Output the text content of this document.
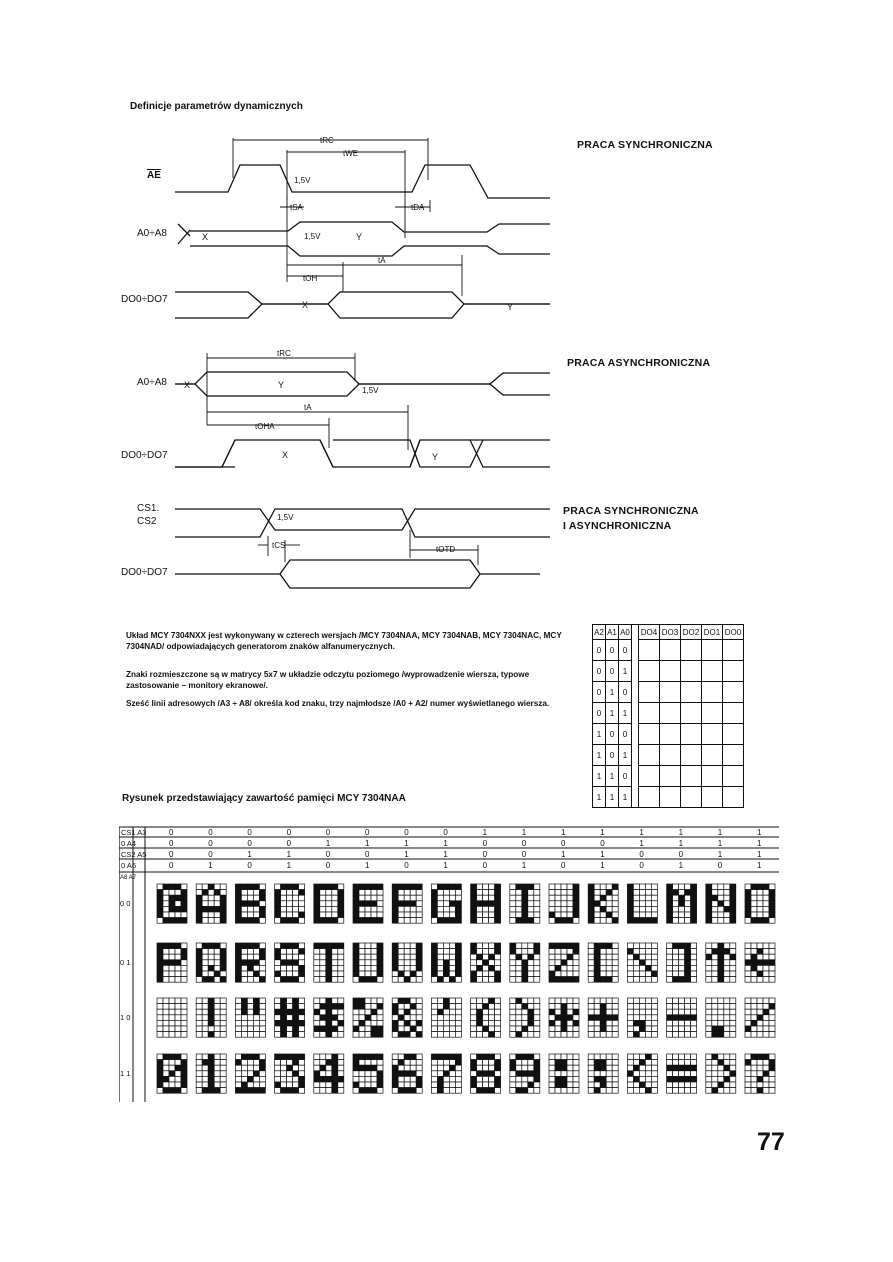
Definicje parametrów dynamicznych
PRACA SYNCHRONICZNA
PRACA ASYNCHRONICZNA
PRACA SYNCHRONICZNA
I ASYNCHRONICZNA
$\overline{AE}$
A0÷A8
DO0÷DO7
A0÷A8
DO0÷DO7
CS1.
CS2
DO0÷DO7
tRC
tWE
1,5V
tSA	tDA
1,5V
tA
tOH
tRC
1,5V
tA
tOHA
1,5V
tCS	tOTD
X	Y
X	Y
X	Y
X	Y
Układ MCY 7304NXX jest wykonywany w czterech wersjach /MCY 7304NAA, MCY 7304NAB, MCY 7304NAC, MCY 7304NAD/ odpowiadających generatorom znaków alfanumerycznych.
Znaki rozmieszczone są w matrycy 5x7 w układzie odczytu poziomego /wyprowadzenie wiersza, typowe zastosowanie – monitory ekranowe/.
Sześć linii adresowych /A3 ÷ A8/ określa kod znaku, trzy najmłodsze /A0 + A2/ numer wyświetlanego wiersza.
A2	A1	A0		DO4	DO3	DO2	DO1	DO0
0	0	0						
0	0	1						
0	1	0						
0	1	1						
1	0	0						
1	0	1						
1	1	0						
1	1	1						
Rysunek przedstawiający zawartość pamięci MCY 7304NAA
CS1 A3	0	0	0	0	0	0	0	0	1	1	1	1	1	1	1	1
0 A4	0	0	0	0	1	1	1	1	0	0	0	0	1	1	1	1
CS2 A5	0	0	1	1	0	0	1	1	0	0	1	1	0	0	1	1
0 A6	0	1	0	1	0	1	0	1	0	1	0	1	0	1	0	1
A8 A7
0 0
0 1
1 0
1 1
77
